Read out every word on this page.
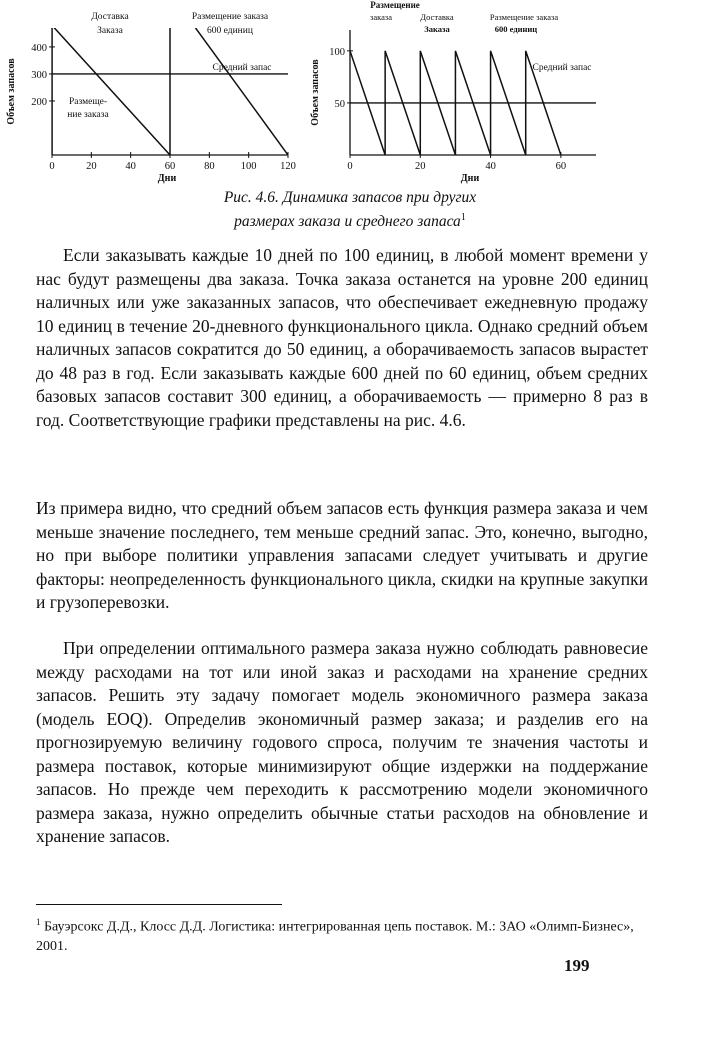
0	20	40	60	80 100 120
200
300
400
Объем запасов
Дни
Доставка
Заказа
Размещение заказа
600 единиц
Средний запас
Размеще-
ние заказа
0	20	40	60
50
100
Объем запасов
Дни
Размещение
заказа	Доставка
Заказа
Размещение заказа
600 единиц
Средний запас
Рис. 4.6. Динамика запасов при других
размерах заказа и среднего запаса$^1$

Если заказывать каждые 10 дней по 100 единиц, в любой момент времени у нас будут размещены два заказа. Точка заказа останется на уровне 200 единиц наличных или уже заказанных запасов, что обеспечивает ежедневную продажу 10 единиц в течение 20-дневного функционального цикла. Однако средний объем наличных запасов сократится до 50 единиц, а оборачиваемость запасов вырастет до 48 раз в год. Если заказывать каждые 600 дней по 60 единиц, объем средних базовых запасов составит 300 единиц, а оборачиваемость — примерно 8 раз в год. Соответствующие графики представлены на рис. 4.6.

Из примера видно, что средний объем запасов есть функция размера заказа и чем меньше значение последнего, тем меньше средний запас. Это, конечно, выгодно, но при выборе политики управления запасами следует учитывать и другие факторы: неопределенность функционального цикла, скидки на крупные закупки и грузоперевозки.

При определении оптимального размера заказа нужно соблюдать равновесие между расходами на тот или иной заказ и расходами на хранение средних запасов. Решить эту задачу помогает модель экономичного размера заказа (модель EOQ). Определив экономичный размер заказа; и разделив его на прогнозируемую величину годового спроса, получим те значения частоты и размера поставок, которые минимизируют общие издержки на поддержание запасов. Но прежде чем переходить к рассмотрению модели экономичного размера заказа, нужно определить обычные статьи расходов на обновление и хранение запасов.

$^1$ Бауэрсокс Д.Д., Клосс Д.Д. Логистика: интегрированная цепь поставок. М.: ЗАО «Олимп-Бизнес», 2001.

199
